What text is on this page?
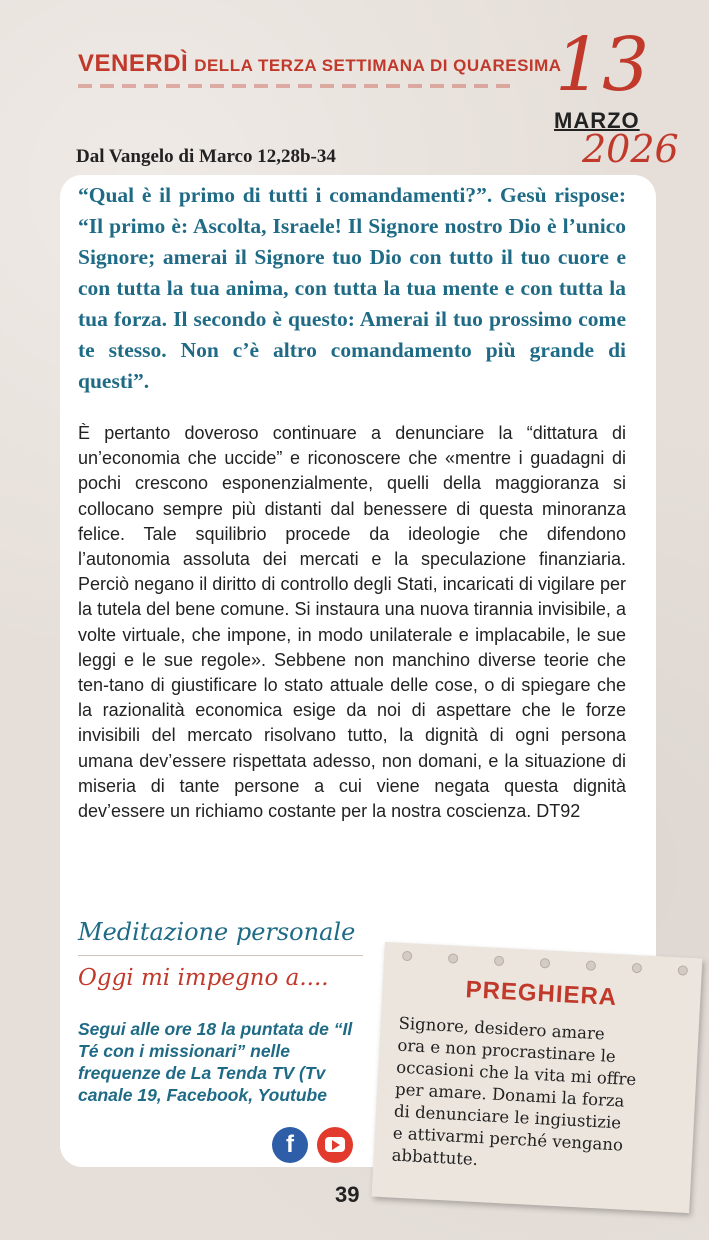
VENERDÌ DELLA TERZA SETTIMANA DI QUARESIMA
13
MARZO
2026
Dal Vangelo di Marco 12,28b-34

“Qual è il primo di tutti i comandamenti?”. Gesù rispose: “Il primo è: Ascolta, Israele! Il Signore nostro Dio è l’unico Signore; amerai il Signore tuo Dio con tutto il tuo cuore e con tutta la tua anima, con tutta la tua mente e con tutta la tua forza. Il secondo è questo: Amerai il tuo prossimo come te stesso. Non c’è altro comandamento più grande di questi”.

È pertanto doveroso continuare a denunciare la “dittatura di un’economia che uccide” e riconoscere che «mentre i guadagni di pochi crescono esponenzialmente, quelli della maggioranza si collocano sempre più distanti dal benessere di questa minoranza felice. Tale squilibrio procede da ideologie che difendono l’autonomia assoluta dei mercati e la speculazione finanziaria. Perciò negano il diritto di controllo degli Stati, incaricati di vigilare per la tutela del bene comune. Si instaura una nuova tirannia invisibile, a volte virtuale, che impone, in modo unilaterale e implacabile, le sue leggi e le sue regole». Sebbene non manchino diverse teorie che ten-tano di giustificare lo stato attuale delle cose, o di spiegare che la razionalità economica esige da noi di aspettare che le forze invisibili del mercato risolvano tutto, la dignità di ogni persona umana dev’essere rispettata adesso, non domani, e la situazione di miseria di tante persone a cui viene negata questa dignità dev’essere un richiamo costante per la nostra coscienza. DT92

Meditazione personale
Oggi mi impegno a....

Segui alle ore 18 la puntata de “Il Té con i missionari” nelle frequenze de La Tenda TV (Tv canale 19, Facebook, Youtube

f
39
PREGHIERA

Signore, desidero amare
ora e non procrastinare le
occasioni che la vita mi offre
per amare. Donami la forza
di denunciare le ingiustizie
e attivarmi perché vengano
abbattute.
